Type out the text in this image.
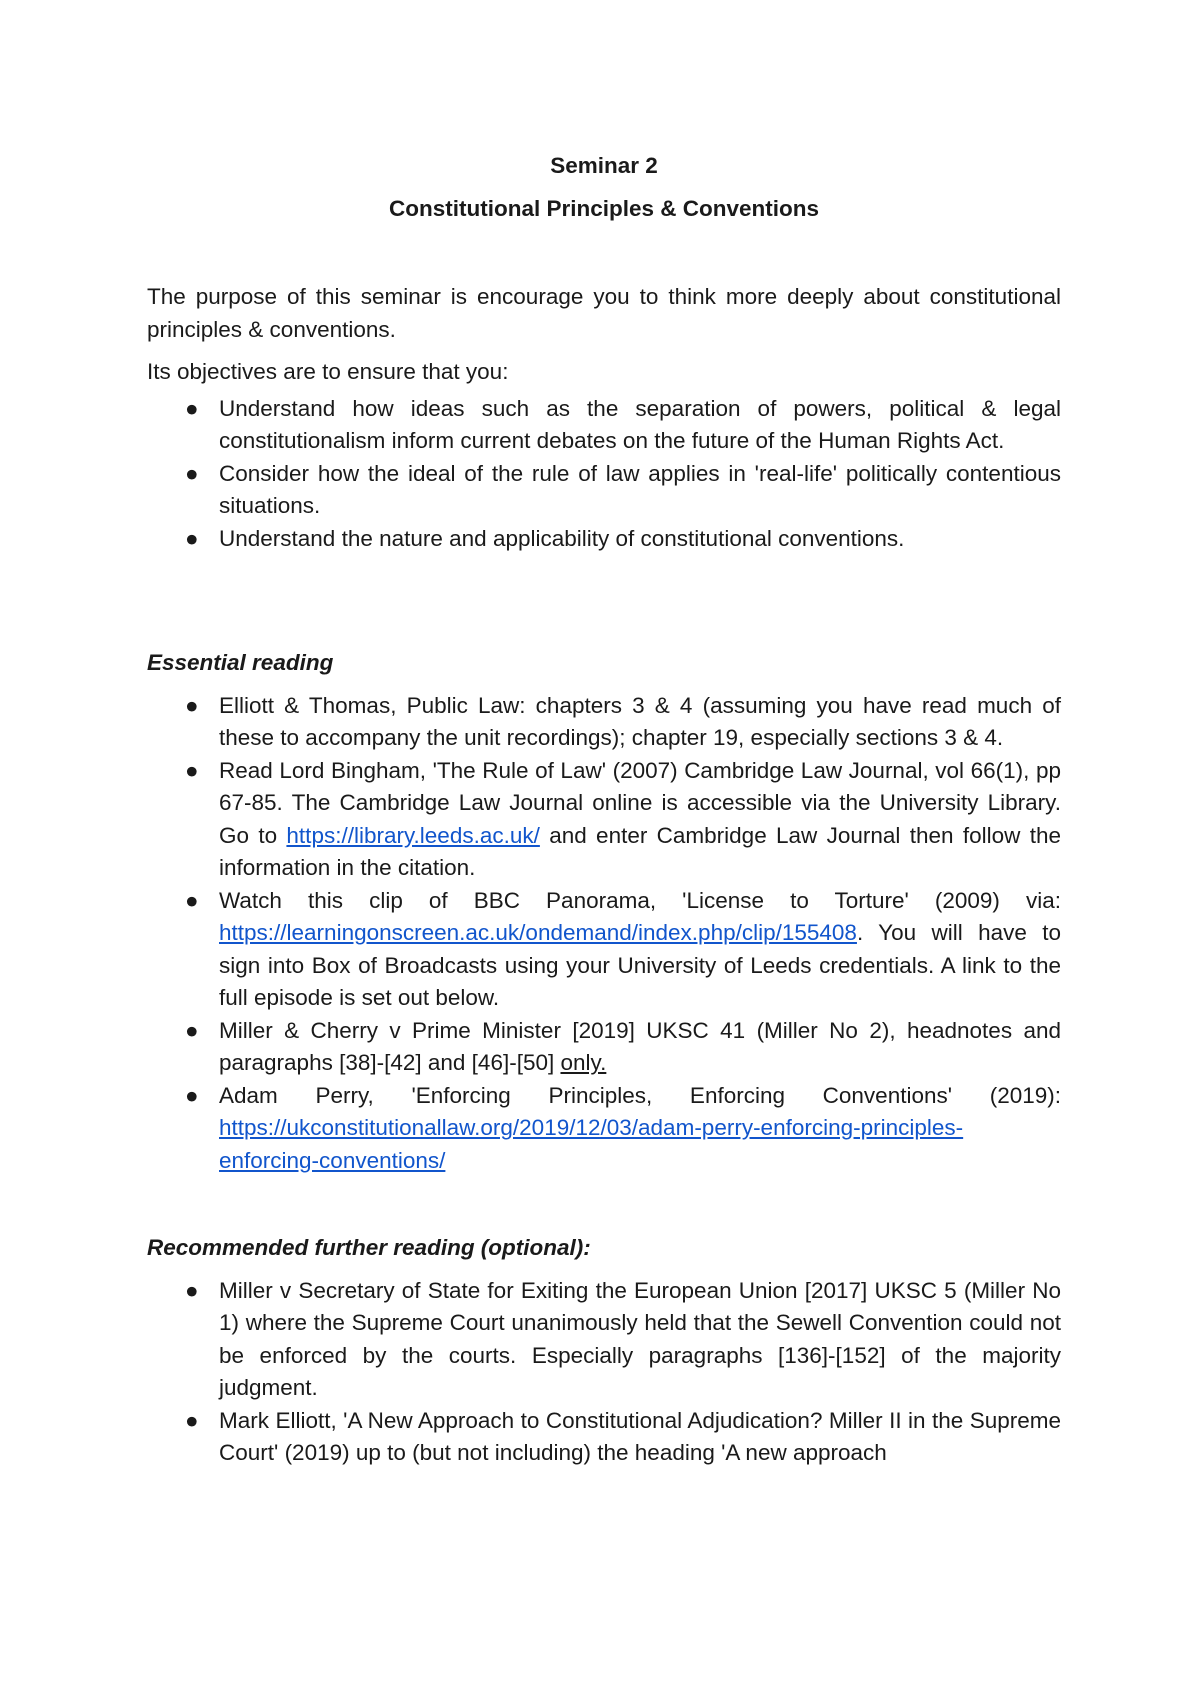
Seminar 2

Constitutional Principles & Conventions

The purpose of this seminar is encourage you to think more deeply about constitutional principles & conventions.

Its objectives are to ensure that you:

● Understand how ideas such as the separation of powers, political & legal constitutionalism inform current debates on the future of the Human Rights Act.
● Consider how the ideal of the rule of law applies in 'real-life' politically contentious situations.
● Understand the nature and applicability of constitutional conventions.

Essential reading

● Elliott & Thomas, Public Law: chapters 3 & 4 (assuming you have read much of these to accompany the unit recordings); chapter 19, especially sections 3 & 4.
● Read Lord Bingham, 'The Rule of Law' (2007) Cambridge Law Journal, vol 66(1), pp 67-85. The Cambridge Law Journal online is accessible via the University Library. Go to https://library.leeds.ac.uk/ and enter Cambridge Law Journal then follow the information in the citation.
● Watch this clip of BBC Panorama, 'License to Torture' (2009) via: https://learningonscreen.ac.uk/ondemand/index.php/clip/155408. You will have to sign into Box of Broadcasts using your University of Leeds credentials. A link to the full episode is set out below.
● Miller & Cherry v Prime Minister [2019] UKSC 41 (Miller No 2), headnotes and paragraphs [38]-[42] and [46]-[50] only.
● Adam Perry, 'Enforcing Principles, Enforcing Conventions' (2019): https://ukconstitutionallaw.org/2019/12/03/adam-perry-enforcing-principles-enforcing-conventions/

Recommended further reading (optional):

● Miller v Secretary of State for Exiting the European Union [2017] UKSC 5 (Miller No 1) where the Supreme Court unanimously held that the Sewell Convention could not be enforced by the courts. Especially paragraphs [136]-[152] of the majority judgment.
● Mark Elliott, 'A New Approach to Constitutional Adjudication? Miller II in the Supreme Court' (2019) up to (but not including) the heading 'A new approach
